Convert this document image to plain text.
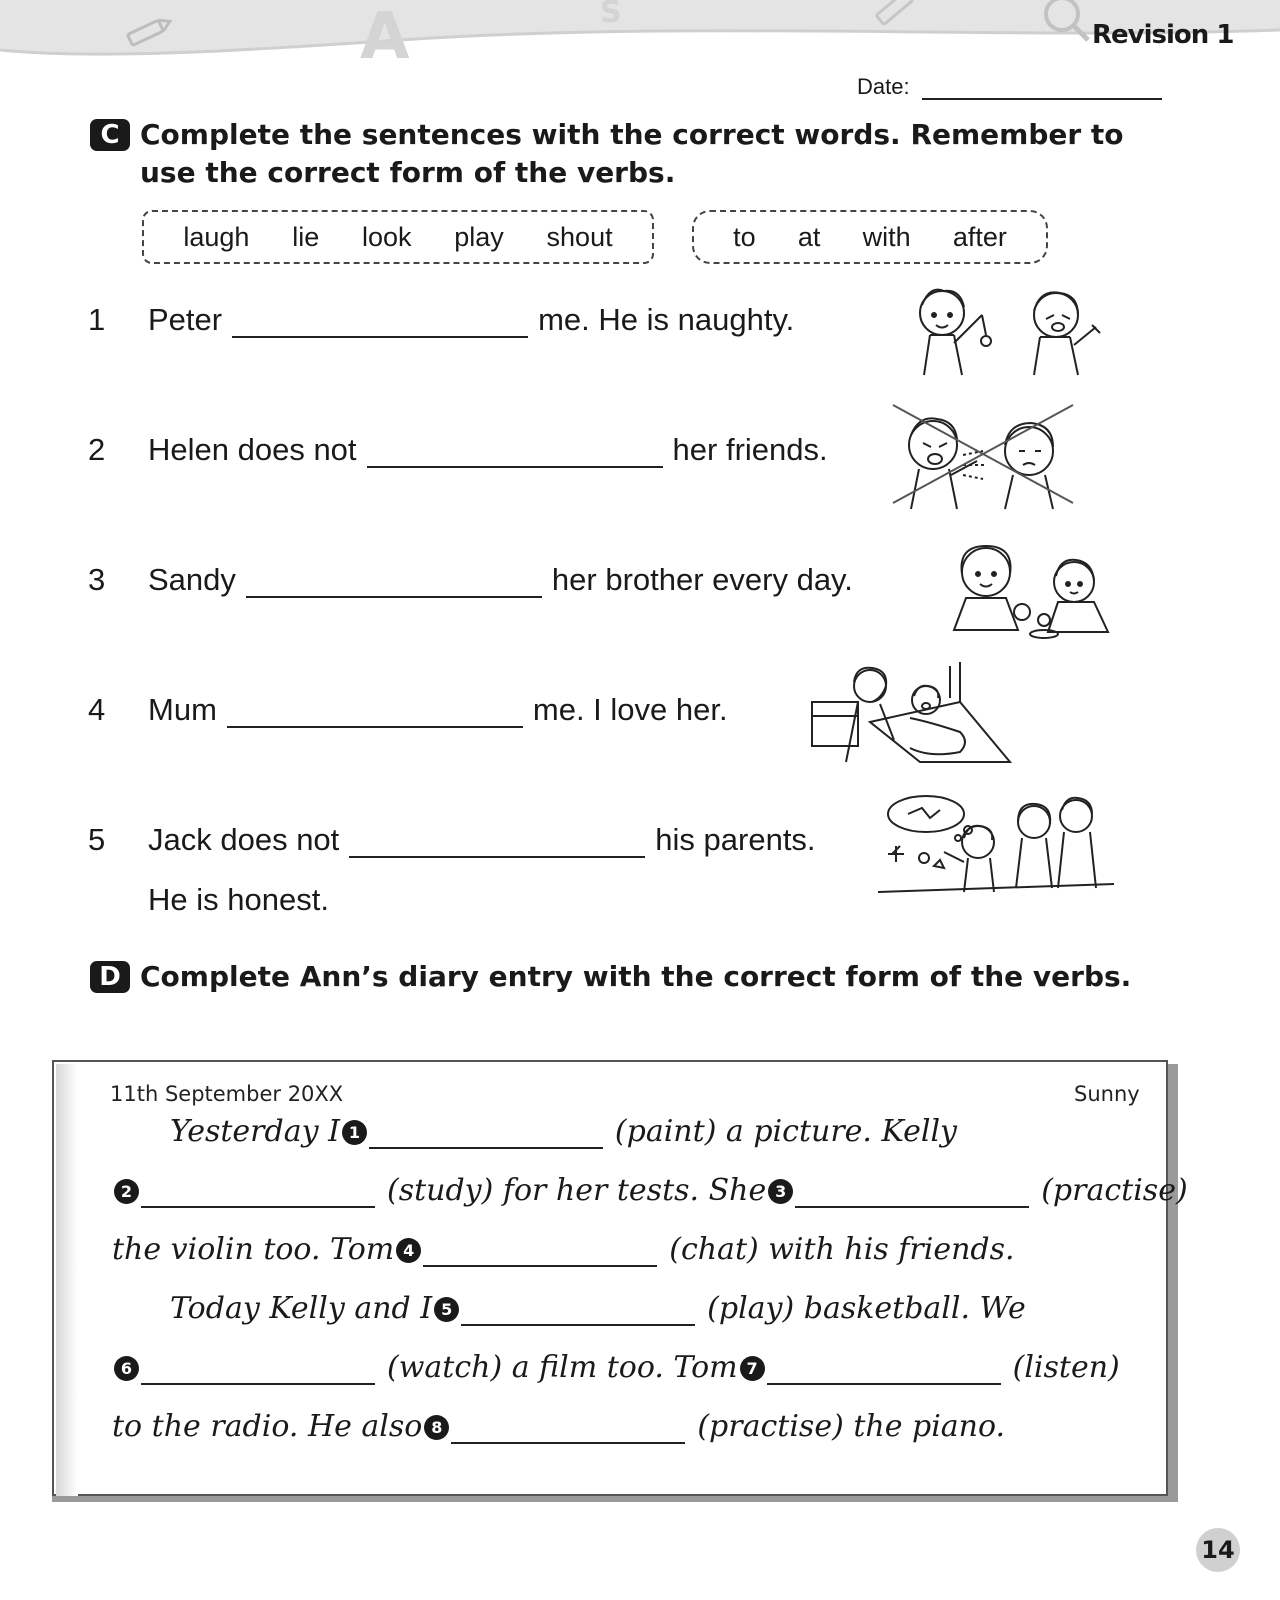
A	S
Revision 1
Date:
C Complete the sentences with the correct words. Remember to use the correct form of the verbs.
laugh lie look play shout	to at with after
1	Peter	me. He is naughty.
2	Helen does not	her friends.
3	Sandy	her brother every day.
4	Mum	me. I love her.
5	Jack does not	his parents.
He is honest.
D Complete Ann’s diary entry with the correct form of the verbs.
11th September 20XX	Sunny
Yesterday I 1	(paint) a picture. Kelly
2	(study) for her tests. She 3	(practise)
the violin too. Tom 4	(chat) with his friends.
Today Kelly and I 5	(play) basketball. We
6	(watch) a film too. Tom 7	(listen)
to the radio. He also 8	(practise) the piano.
14
